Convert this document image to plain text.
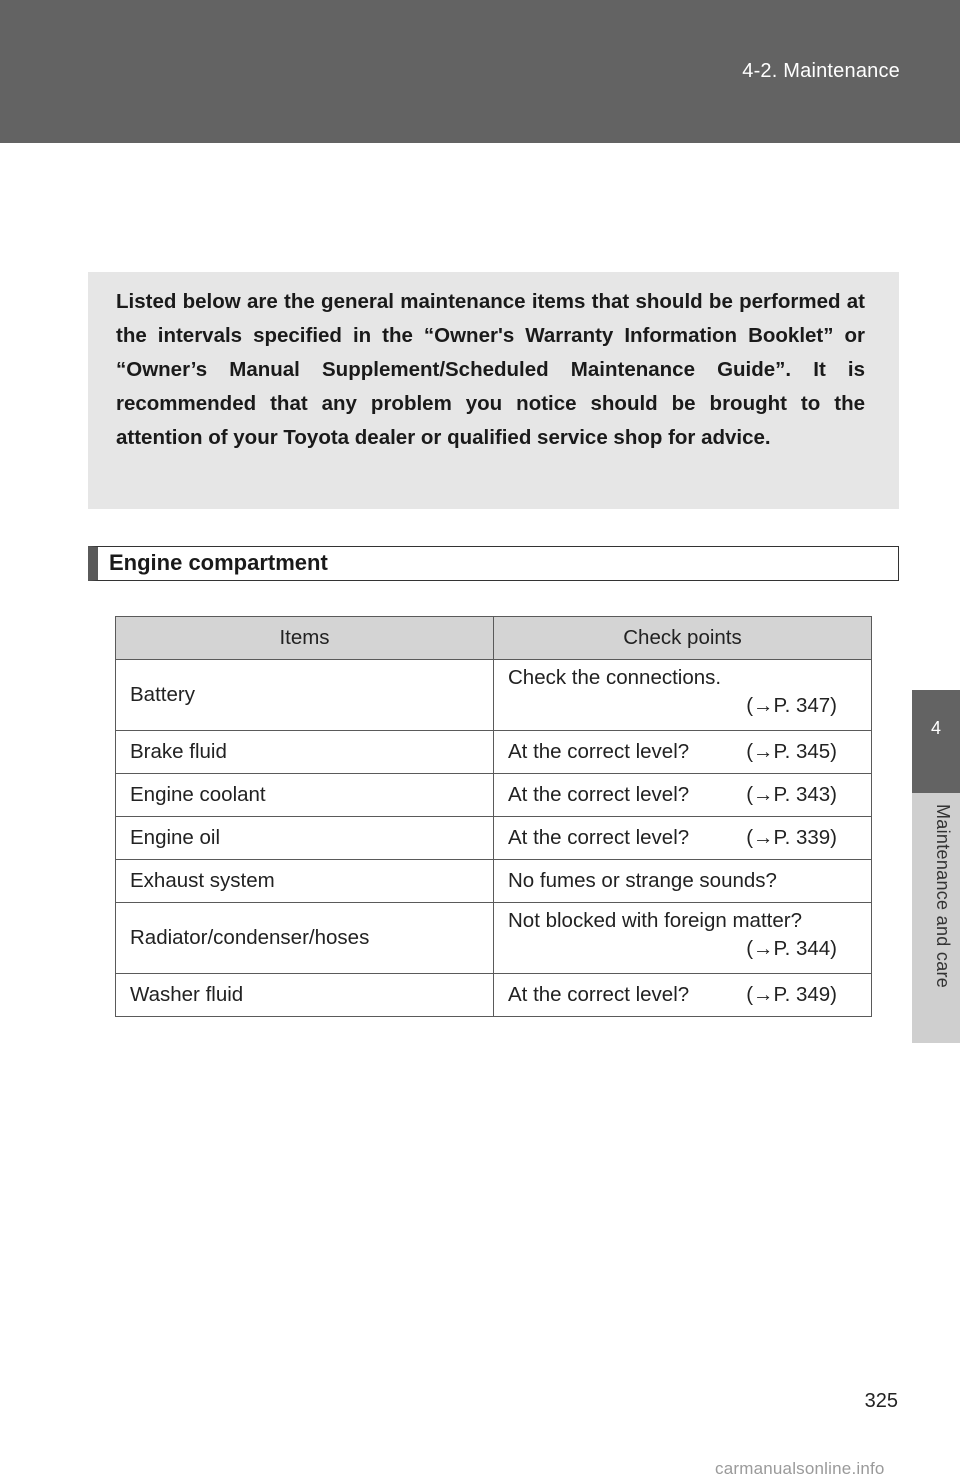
4-2. Maintenance
4
Maintenance and care

Listed below are the general maintenance items that should be performed at the intervals specified in the “Owner's Warranty Information Booklet” or “Owner’s Manual Supplement/Scheduled Maintenance Guide”. It is recommended that any problem you notice should be brought to the attention of your Toyota dealer or qualified service shop for advice.

Engine compartment
Items	Check points
Battery	Check the connections.
(→P. 347)

Brake fluid	At the correct level? (→P. 345)

Engine coolant	At the correct level? (→P. 343)

Engine oil	At the correct level? (→P. 339)

Exhaust system	No fumes or strange sounds?
Radiator/condenser/hoses	Not blocked with foreign matter?
(→P. 344)

Washer fluid	At the correct level? (→P. 349)
325
carmanualsonline.info
